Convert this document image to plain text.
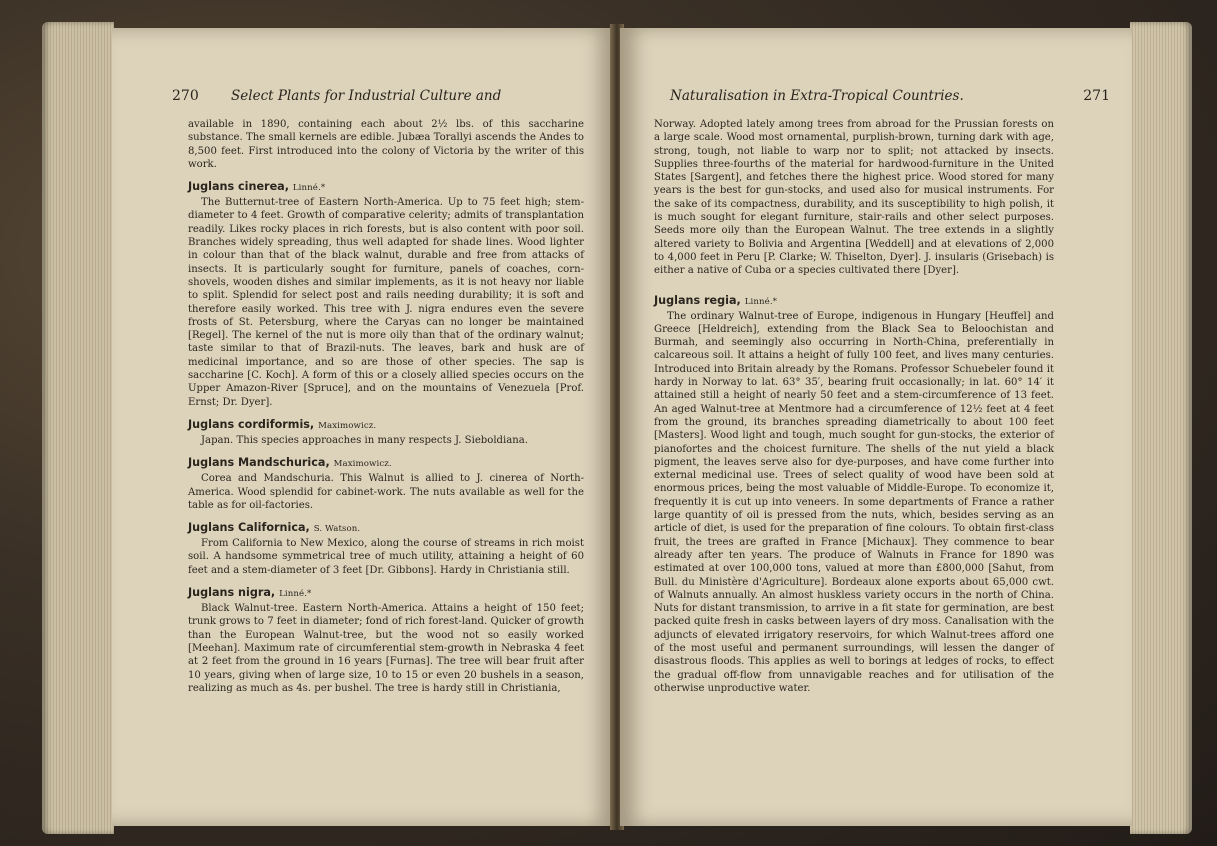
270 Select Plants for Industrial Culture and

available in 1890, containing each about 2½ lbs. of this saccharine substance. The small kernels are edible. Jubæa Torallyi ascends the Andes to 8,500 feet. First introduced into the colony of Victoria by the writer of this work.

Juglans cinerea, Linné.*

The Butternut-tree of Eastern North-America. Up to 75 feet high; stem-diameter to 4 feet. Growth of comparative celerity; admits of transplantation readily. Likes rocky places in rich forests, but is also content with poor soil. Branches widely spreading, thus well adapted for shade lines. Wood lighter in colour than that of the black walnut, durable and free from attacks of insects. It is particularly sought for furniture, panels of coaches, corn-shovels, wooden dishes and similar implements, as it is not heavy nor liable to split. Splendid for select post and rails needing durability; it is soft and therefore easily worked. This tree with J. nigra endures even the severe frosts of St. Petersburg, where the Caryas can no longer be maintained [Regel]. The kernel of the nut is more oily than that of the ordinary walnut; taste similar to that of Brazil-nuts. The leaves, bark and husk are of medicinal importance, and so are those of other species. The sap is saccharine [C. Koch]. A form of this or a closely allied species occurs on the Upper Amazon-River [Spruce], and on the mountains of Venezuela [Prof. Ernst; Dr. Dyer].

Juglans cordiformis, Maximowicz.

Japan. This species approaches in many respects J. Sieboldiana.

Juglans Mandschurica, Maximowicz.

Corea and Mandschuria. This Walnut is allied to J. cinerea of North-America. Wood splendid for cabinet-work. The nuts available as well for the table as for oil-factories.

Juglans Californica, S. Watson.

From California to New Mexico, along the course of streams in rich moist soil. A handsome symmetrical tree of much utility, attaining a height of 60 feet and a stem-diameter of 3 feet [Dr. Gibbons]. Hardy in Christiania still.

Juglans nigra, Linné.*

Black Walnut-tree. Eastern North-America. Attains a height of 150 feet; trunk grows to 7 feet in diameter; fond of rich forest-land. Quicker of growth than the European Walnut-tree, but the wood not so easily worked [Meehan]. Maximum rate of circumferential stem-growth in Nebraska 4 feet at 2 feet from the ground in 16 years [Furnas]. The tree will bear fruit after 10 years, giving when of large size, 10 to 15 or even 20 bushels in a season, realizing as much as 4s. per bushel. The tree is hardy still in Christiania,

Naturalisation in Extra-Tropical Countries.	271

Norway. Adopted lately among trees from abroad for the Prussian forests on a large scale. Wood most ornamental, purplish-brown, turning dark with age, strong, tough, not liable to warp nor to split; not attacked by insects. Supplies three-fourths of the material for hardwood-furniture in the United States [Sargent], and fetches there the highest price. Wood stored for many years is the best for gun-stocks, and used also for musical instruments. For the sake of its compactness, durability, and its susceptibility to high polish, it is much sought for elegant furniture, stair-rails and other select purposes. Seeds more oily than the European Walnut. The tree extends in a slightly altered variety to Bolivia and Argentina [Weddell] and at elevations of 2,000 to 4,000 feet in Peru [P. Clarke; W. Thiselton, Dyer]. J. insularis (Grisebach) is either a native of Cuba or a species cultivated there [Dyer].

Juglans regia, Linné.*

The ordinary Walnut-tree of Europe, indigenous in Hungary [Heuffel] and Greece [Heldreich], extending from the Black Sea to Beloochistan and Burmah, and seemingly also occurring in North-China, preferentially in calcareous soil. It attains a height of fully 100 feet, and lives many centuries. Introduced into Britain already by the Romans. Professor Schuebeler found it hardy in Norway to lat. 63° 35′, bearing fruit occasionally; in lat. 60° 14′ it attained still a height of nearly 50 feet and a stem-circumference of 13 feet. An aged Walnut-tree at Mentmore had a circumference of 12½ feet at 4 feet from the ground, its branches spreading diametrically to about 100 feet [Masters]. Wood light and tough, much sought for gun-stocks, the exterior of pianofortes and the choicest furniture. The shells of the nut yield a black pigment, the leaves serve also for dye-purposes, and have come further into external medicinal use. Trees of select quality of wood have been sold at enormous prices, being the most valuable of Middle-Europe. To economize it, frequently it is cut up into veneers. In some departments of France a rather large quantity of oil is pressed from the nuts, which, besides serving as an article of diet, is used for the preparation of fine colours. To obtain first-class fruit, the trees are grafted in France [Michaux]. They commence to bear already after ten years. The produce of Walnuts in France for 1890 was estimated at over 100,000 tons, valued at more than £800,000 [Sahut, from Bull. du Ministère d'Agriculture]. Bordeaux alone exports about 65,000 cwt. of Walnuts annually. An almost huskless variety occurs in the north of China. Nuts for distant transmission, to arrive in a fit state for germination, are best packed quite fresh in casks between layers of dry moss. Canalisation with the adjuncts of elevated irrigatory reservoirs, for which Walnut-trees afford one of the most useful and permanent surroundings, will lessen the danger of disastrous floods. This applies as well to borings at ledges of rocks, to effect the gradual off-flow from unnavigable reaches and for utilisation of the otherwise unproductive water.
